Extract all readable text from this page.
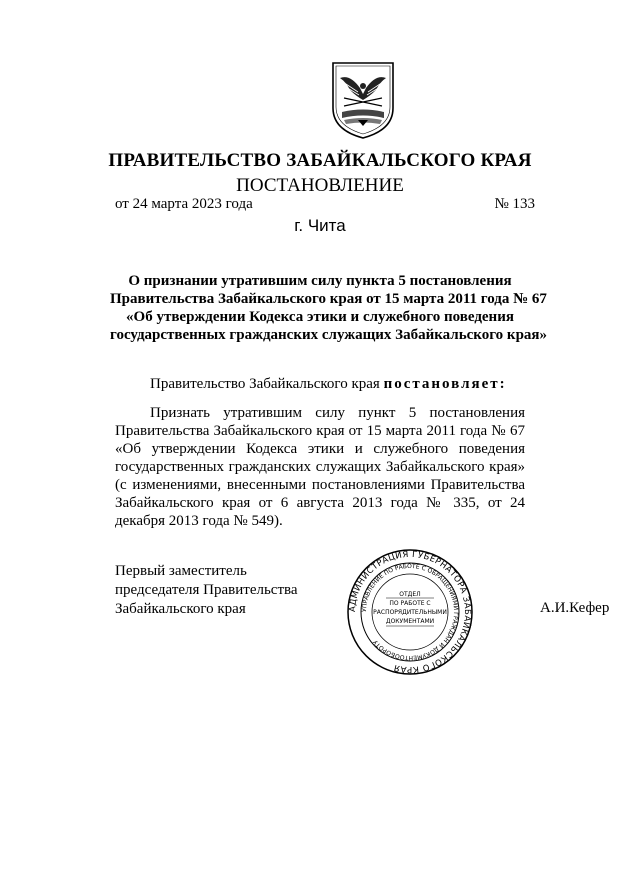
ПРАВИТЕЛЬСТВО ЗАБАЙКАЛЬСКОГО КРАЯ
ПОСТАНОВЛЕНИЕ
от 24 марта 2023 года	№ 133
г. Чита
О признании утратившим силу пункта 5 постановления
Правительства Забайкальского края от 15 марта 2011 года № 67
«Об утверждении Кодекса этики и служебного поведения
государственных гражданских служащих Забайкальского края»
Правительство Забайкальского края постановляет:
Признать утратившим силу пункт 5 постановления Правительства Забайкальского края от 15 марта 2011 года № 67 «Об утверждении Кодекса этики и служебного поведения государственных гражданских служащих Забайкальского края» (с изменениями, внесенными постановлениями Правительства Забайкальского края от 6 августа 2013 года № 335, от 24 декабря 2013 года № 549).
Первый заместитель
председателя Правительства
Забайкальского края	АДМИНИСТРАЦИЯ ГУБЕРНАТОРА ЗАБАЙКАЛЬСКОГО КРАЯ
УПРАВЛЕНИЕ ПО РАБОТЕ С ОБРАЩЕНИЯМИ ГРАЖДАН И ДОКУМЕНТООБОРОТУ
ОТДЕЛ
ПО РАБОТЕ С
РАСПОРЯДИТЕЛЬНЫМИ
ДОКУМЕНТАМИ
А.И.Кефер
